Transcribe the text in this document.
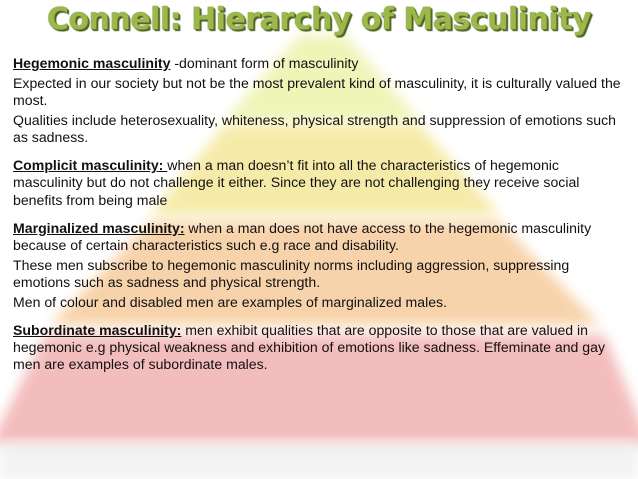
Connell: Hierarchy of Masculinity

Hegemonic masculinity -dominant form of masculinity

Expected in our society but not be the most prevalent kind of masculinity, it is culturally valued the most.

Qualities include heterosexuality, whiteness, physical strength and suppression of emotions such as sadness.

Complicit masculinity: when a man doesn’t fit into all the characteristics of hegemonic masculinity but do not challenge it either. Since they are not challenging they receive social benefits from being male

Marginalized masculinity: when a man does not have access to the hegemonic masculinity because of certain characteristics such e.g race and disability.

These men subscribe to hegemonic masculinity norms including aggression, suppressing emotions such as sadness and physical strength.

Men of colour and disabled men are examples of marginalized males.

Subordinate masculinity: men exhibit qualities that are opposite to those that are valued in hegemonic e.g physical weakness and exhibition of emotions like sadness. Effeminate and gay men are examples of subordinate males.
